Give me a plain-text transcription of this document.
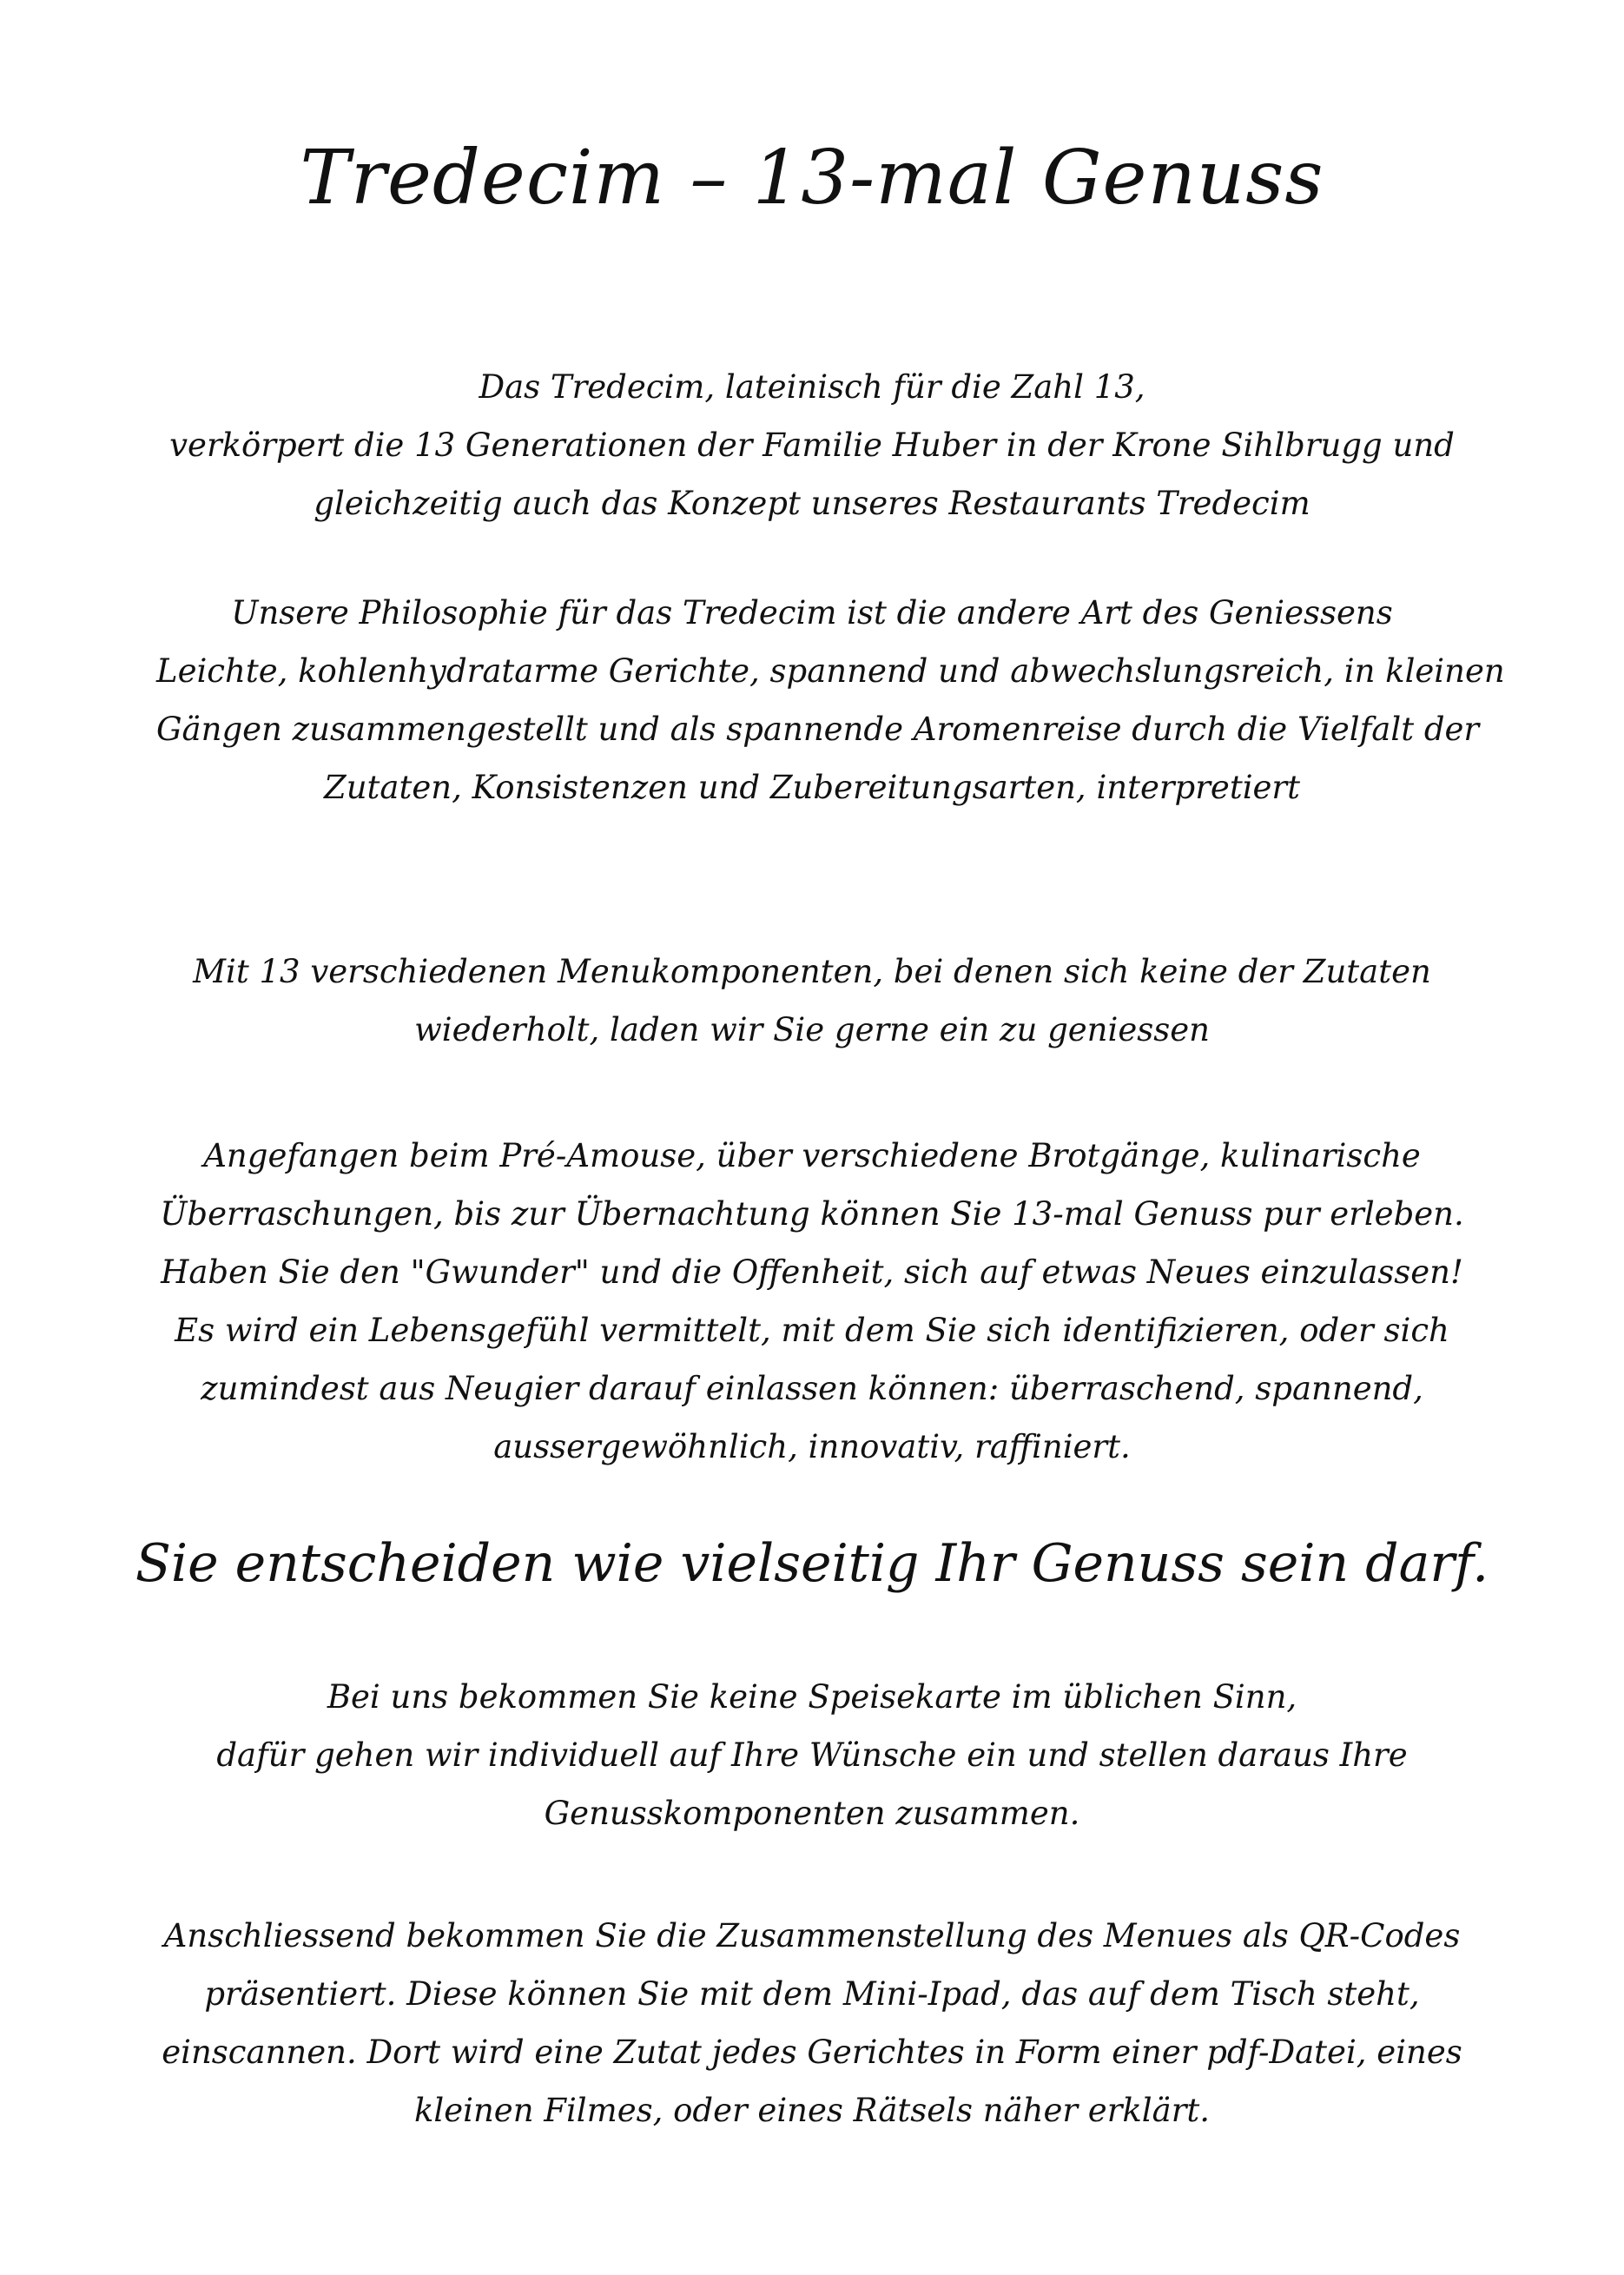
Tredecim – 13-mal Genuss

Das Tredecim, lateinisch für die Zahl 13,
verkörpert die 13 Generationen der Familie Huber in der Krone Sihlbrugg und
gleichzeitig auch das Konzept unseres Restaurants Tredecim

Unsere Philosophie für das Tredecim ist die andere Art des Geniessens
Leichte, kohlenhydratarme Gerichte, spannend und abwechslungsreich, in kleinen
Gängen zusammengestellt und als spannende Aromenreise durch die Vielfalt der
Zutaten, Konsistenzen und Zubereitungsarten, interpretiert

Mit 13 verschiedenen Menukomponenten, bei denen sich keine der Zutaten
wiederholt, laden wir Sie gerne ein zu geniessen

Angefangen beim Pré-Amouse, über verschiedene Brotgänge, kulinarische
Überraschungen, bis zur Übernachtung können Sie 13-mal Genuss pur erleben.
Haben Sie den "Gwunder" und die Offenheit, sich auf etwas Neues einzulassen!
Es wird ein Lebensgefühl vermittelt, mit dem Sie sich identifizieren, oder sich
zumindest aus Neugier darauf einlassen können: überraschend, spannend,
aussergewöhnlich, innovativ, raffiniert.

Sie entscheiden wie vielseitig Ihr Genuss sein darf.

Bei uns bekommen Sie keine Speisekarte im üblichen Sinn,
dafür gehen wir individuell auf Ihre Wünsche ein und stellen daraus Ihre
Genusskomponenten zusammen.

Anschliessend bekommen Sie die Zusammenstellung des Menues als QR-Codes
präsentiert. Diese können Sie mit dem Mini-Ipad, das auf dem Tisch steht,
einscannen. Dort wird eine Zutat jedes Gerichtes in Form einer pdf-Datei, eines
kleinen Filmes, oder eines Rätsels näher erklärt.
